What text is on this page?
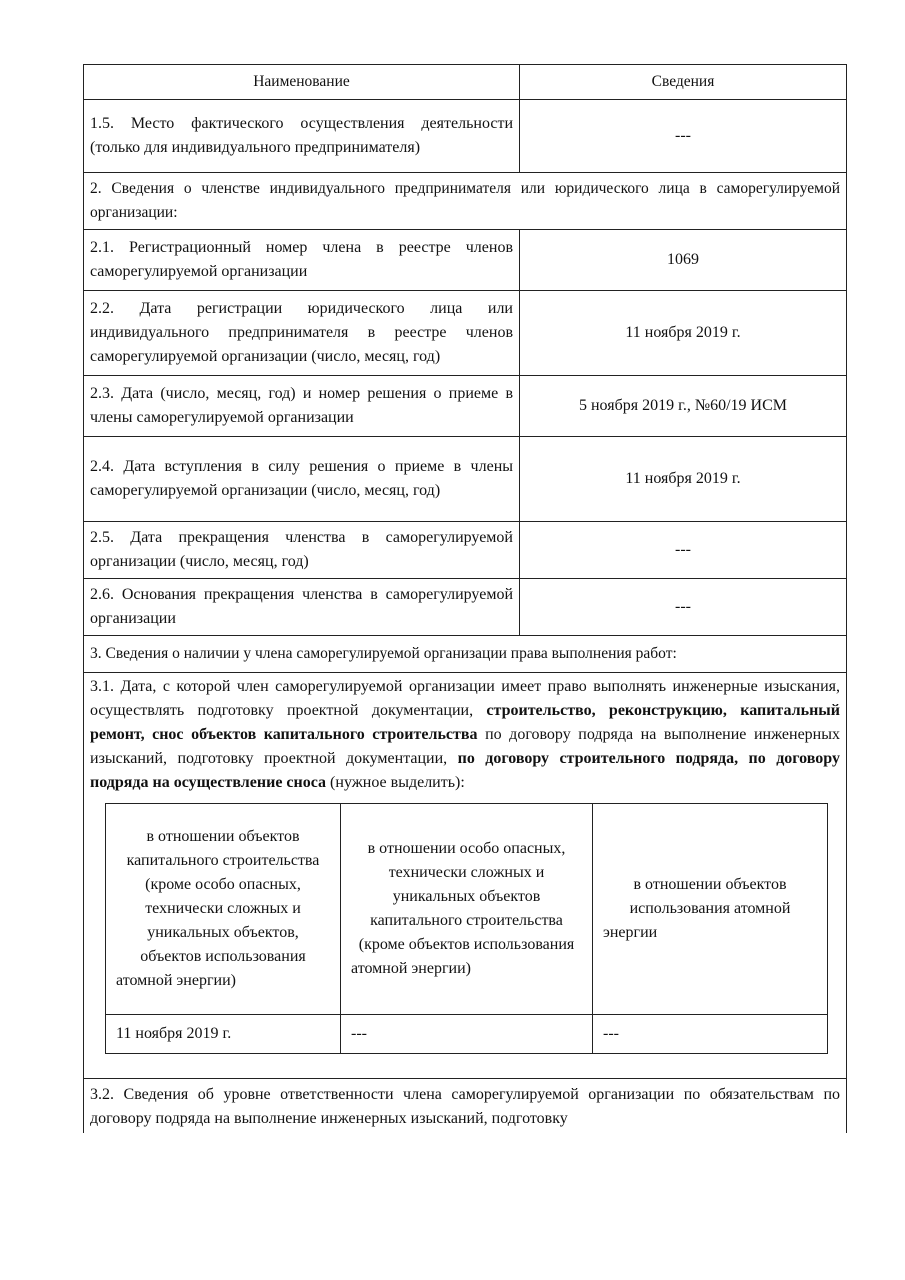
Наименование	Сведения
1.5. Место фактического осуществления деятельности (только для индивидуального предпринимателя)	---
2. Сведения о членстве индивидуального предпринимателя или юридического лица в саморегулируемой организации:
2.1. Регистрационный номер члена в реестре членов саморегулируемой организации	1069
2.2. Дата регистрации юридического лица или индивидуального предпринимателя в реестре членов саморегулируемой организации (число, месяц, год)	11 ноября 2019 г.
2.3. Дата (число, месяц, год) и номер решения о приеме в члены саморегулируемой организации	5 ноября 2019 г., №60/19 ИСМ
2.4. Дата вступления в силу решения о приеме в члены саморегулируемой организации (число, месяц, год)	11 ноября 2019 г.
2.5. Дата прекращения членства в саморегулируемой организации (число, месяц, год)	---
2.6. Основания прекращения членства в саморегулируемой организации	---
3. Сведения о наличии у члена саморегулируемой организации права выполнения работ:

3.1. Дата, с которой член саморегулируемой организации имеет право выполнять инженерные изыскания, осуществлять подготовку проектной документации, строительство, реконструкцию, капитальный ремонт, снос объектов капитального строительства по договору подряда на выполнение инженерных изысканий, подготовку проектной документации, по договору строительного подряда, по договору подряда на осуществление сноса (нужное выделить):
в отношении объектов капитального строительства (кроме особо опасных, технически сложных и уникальных объектов, объектов использования атомной энергии)	в отношении особо опасных, технически сложных и уникальных объектов капитального строительства (кроме объектов использования атомной энергии)	в отношении объектов использования атомной энергии
11 ноября 2019 г.	---	---

3.2. Сведения об уровне ответственности члена саморегулируемой организации по обязательствам по договору подряда на выполнение инженерных изысканий, подготовку
